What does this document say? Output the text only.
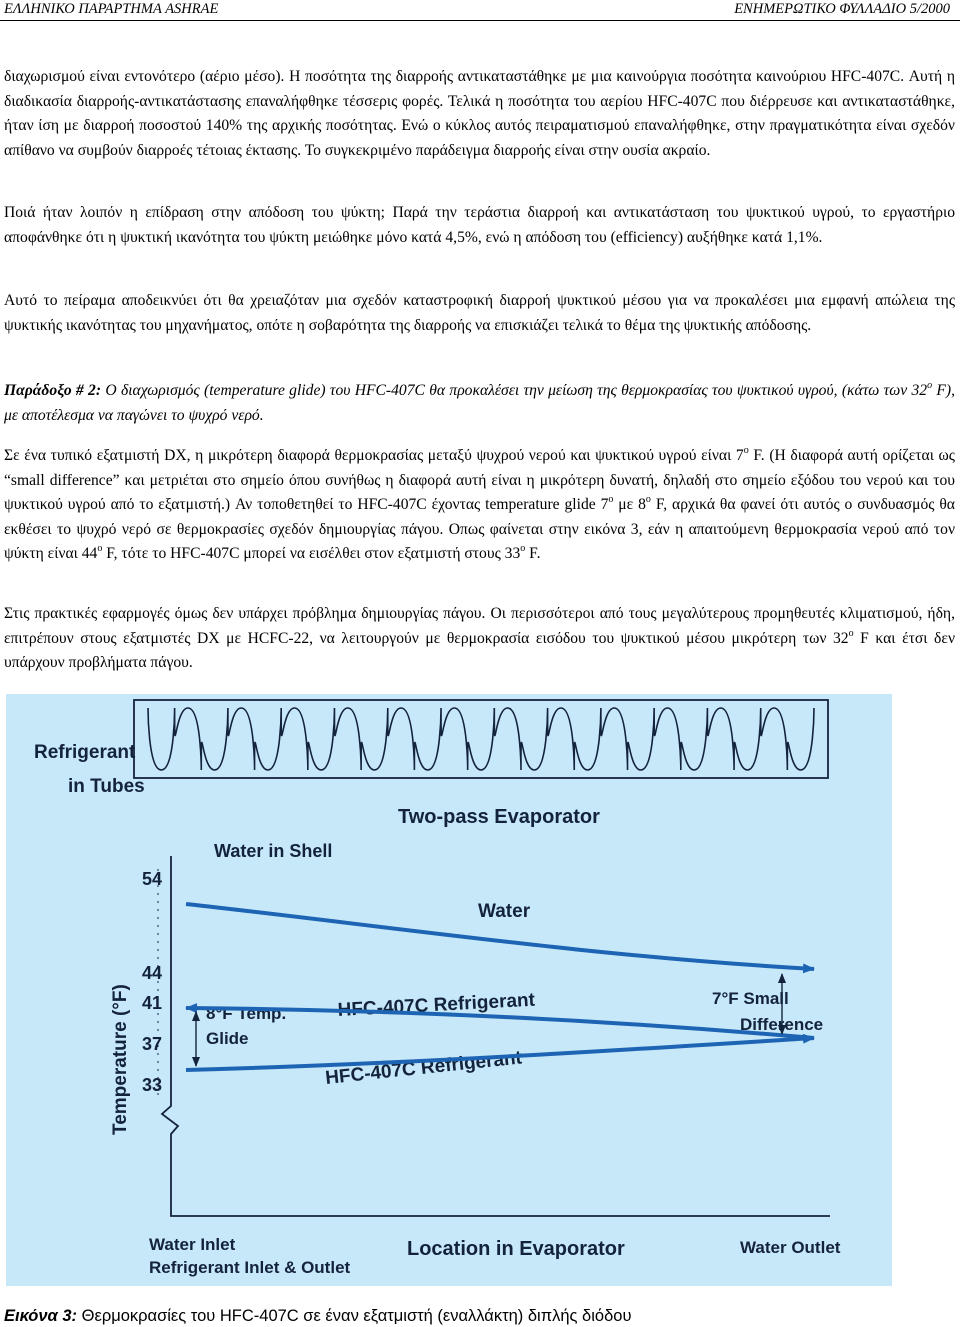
ΕΛΛΗΝΙΚΟ ΠΑΡΑΡΤΗΜΑ ASHRAE	ΕΝΗΜΕΡΩΤΙΚΟ ΦΥΛΛΑΔΙΟ 5/2000

διαχωρισμού είναι εντονότερο (αέριο μέσο). Η ποσότητα της διαρροής αντικαταστάθηκε με μια καινούργια ποσότητα καινούριου HFC-407C. Αυτή η διαδικασία διαρροής-αντικατάστασης επαναλήφθηκε τέσσερις φορές. Τελικά η ποσότητα του αερίου HFC-407C που διέρρευσε και αντικαταστάθηκε, ήταν ίση με διαρροή ποσοστού 140% της αρχικής ποσότητας. Ενώ ο κύκλος αυτός πειραματισμού επαναλήφθηκε, στην πραγματικότητα είναι σχεδόν απίθανο να συμβούν διαρροές τέτοιας έκτασης. Το συγκεκριμένο παράδειγμα διαρροής είναι στην ουσία ακραίο.

Ποιά ήταν λοιπόν η επίδραση στην απόδοση του ψύκτη; Παρά την τεράστια διαρροή και αντικατάσταση του ψυκτικού υγρού, το εργαστήριο αποφάνθηκε ότι η ψυκτική ικανότητα του ψύκτη μειώθηκε μόνο κατά 4,5%, ενώ η απόδοση του (efficiency) αυξήθηκε κατά 1,1%.

Αυτό το πείραμα αποδεικνύει ότι θα χρειαζόταν μια σχεδόν καταστροφική διαρροή ψυκτικού μέσου για να προκαλέσει μια εμφανή απώλεια της ψυκτικής ικανότητας του μηχανήματος, οπότε η σοβαρότητα της διαρροής να επισκιάζει τελικά το θέμα της ψυκτικής απόδοσης.

Παράδοξο # 2: Ο διαχωρισμός (temperature glide) του HFC-407C θα προκαλέσει την μείωση της θερμοκρασίας του ψυκτικού υγρού, (κάτω των $32^o$ F), με αποτέλεσμα να παγώνει το ψυχρό νερό.

Σε ένα τυπικό εξατμιστή DX, η μικρότερη διαφορά θερμοκρασίας μεταξύ ψυχρού νερού και ψυκτικού υγρού είναι 7$^o$ F. (Η διαφορά αυτή ορίζεται ως “small difference” και μετριέται στο σημείο όπου συνήθως η διαφορά αυτή είναι η μικρότερη δυνατή, δηλαδή στο σημείο εξόδου του νερού και του ψυκτικού υγρού από το εξατμιστή.) Αν τοποθετηθεί το HFC-407C έχοντας temperature glide 7$^o$ με 8$^o$ F, αρχικά θα φανεί ότι αυτός ο συνδυασμός θα εκθέσει το ψυχρό νερό σε θερμοκρασίες σχεδόν δημιουργίας πάγου. Οπως φαίνεται στην εικόνα 3, εάν η απαιτούμενη θερμοκρασία νερού από τον ψύκτη είναι 44$^o$ F, τότε το HFC-407C μπορεί να εισέλθει στον εξατμιστή στους 33$^o$ F.

Στις πρακτικές εφαρμογές όμως δεν υπάρχει πρόβλημα δημιουργίας πάγου. Οι περισσότεροι από τους μεγαλύτερους προμηθευτές κλιματισμού, ήδη, επιτρέπουν στους εξατμιστές DX με HCFC-22, να λειτουργούν με θερμοκρασία εισόδου του ψυκτικού μέσου μικρότερη των 32$^o$ F και έτσι δεν υπάρχουν προβλήματα πάγου.

Refrigerant
in Tubes
Two-pass Evaporator
Water in Shell
Water
HFC-407C Refrigerant
HFC-407C Refrigerant
8°F Temp.
Glide
7°F Small
Difference
Temperature (°F)
Location in Evaporator
Water Inlet
Refrigerant Inlet & Outlet
Water Outlet
54
44
41
37
33
Εικόνα 3: Θερμοκρασίες του HFC-407C σε έναν εξατμιστή (εναλλάκτη) διπλής διόδου
